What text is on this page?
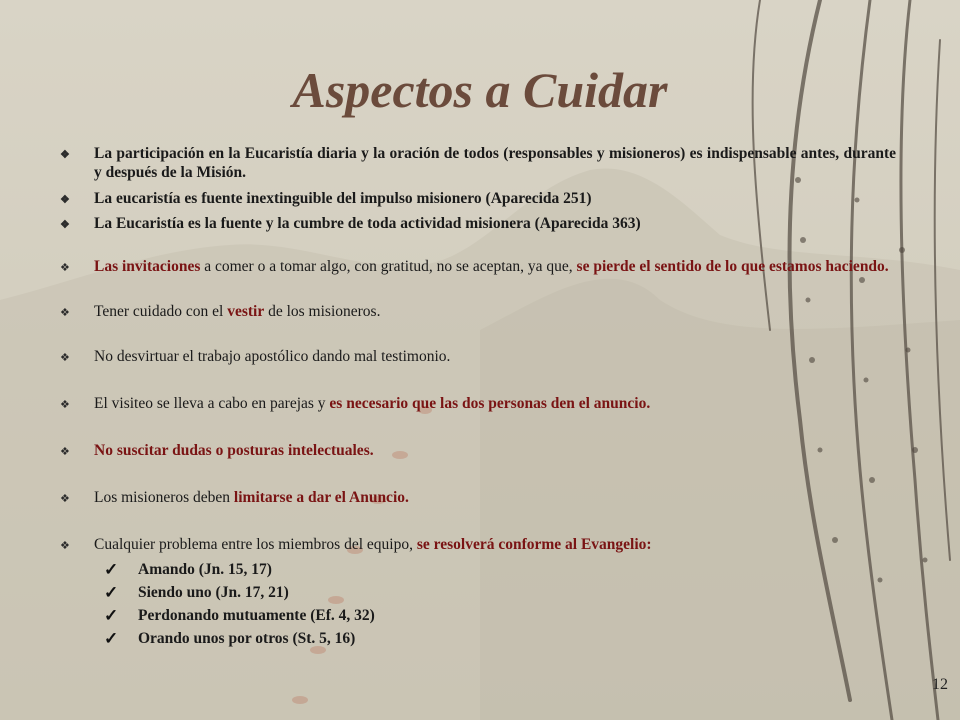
Aspectos a Cuidar
❖ La participación en la Eucaristía diaria y la oración de todos (responsables y misioneros) es indispensable antes, durante y después de la Misión.
❖ La eucaristía es fuente inextinguible del impulso misionero (Aparecida 251)
❖ La Eucaristía es la fuente y la cumbre de toda actividad misionera (Aparecida 363)
❖ Las invitaciones a comer o a tomar algo, con gratitud, no se aceptan, ya que, se pierde el sentido de lo que estamos haciendo.
❖ Tener cuidado con el vestir de los misioneros.
❖ No desvirtuar el trabajo apostólico dando mal testimonio.
❖ El visiteo se lleva a cabo en parejas y es necesario que las dos personas den el anuncio.
❖ No suscitar dudas o posturas intelectuales.
❖ Los misioneros deben limitarse a dar el Anuncio.
❖ Cualquier problema entre los miembros del equipo, se resolverá conforme al Evangelio:
✓ Amando (Jn. 15, 17)
✓ Siendo uno (Jn. 17, 21)
✓ Perdonando mutuamente (Ef. 4, 32)
✓ Orando unos por otros (St. 5, 16)
12
